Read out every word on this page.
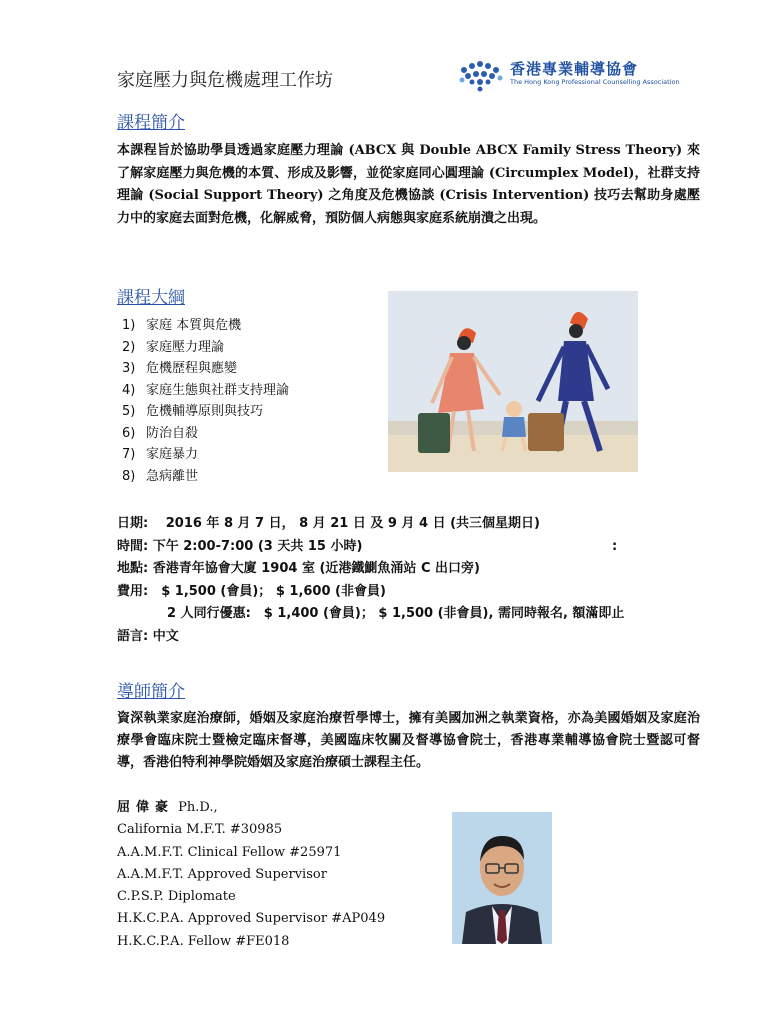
家庭壓力與危機處理工作坊
香港專業輔導協會
The Hong Kong Professional Counselling Association
課程簡介
本課程旨於協助學員透過家庭壓力理論 (ABCX 與 Double ABCX Family Stress Theory) 來了解家庭壓力與危機的本質、形成及影響，並從家庭同心圓理論 (Circumplex Model)，社群支持理論 (Social Support Theory) 之角度及危機協談 (Crisis Intervention) 技巧去幫助身處壓力中的家庭去面對危機，化解威脅，預防個人病態與家庭系統崩潰之出現。
課程大綱
1) 家庭 本質與危機
2) 家庭壓力理論
3) 危機歷程與應變
4) 家庭生態與社群支持理論
5) 危機輔導原則與技巧
6) 防治自殺
7) 家庭暴力
8) 急病離世
日期:　 2016 年 8 月 7 日， 8 月 21 日 及 9 月 4 日 (共三個星期日)
時間: 下午 2:00-7:00 (3 天共 15 小時)	:
地點: 香港青年協會大廈 1904 室 (近港鐵鰂魚涌站 C 出口旁)
費用:　$ 1,500 (會員)； $ 1,600 (非會員)
2 人同行優惠:　$ 1,400 (會員)； $ 1,500 (非會員), 需同時報名, 額滿即止
語言: 中文
導師簡介
資深執業家庭治療師，婚姻及家庭治療哲學博士，擁有美國加洲之執業資格，亦為美國婚姻及家庭治療學會臨床院士暨檢定臨床督導，美國臨床牧關及督導協會院士，香港專業輔導協會院士暨認可督導，香港伯特利神學院婚姻及家庭治療碩士課程主任。
屈偉豪 Ph.D.,
California M.F.T. #30985
A.A.M.F.T. Clinical Fellow #25971
A.A.M.F.T. Approved Supervisor
C.P.S.P. Diplomate
H.K.C.P.A. Approved Supervisor #AP049
H.K.C.P.A. Fellow #FE018
